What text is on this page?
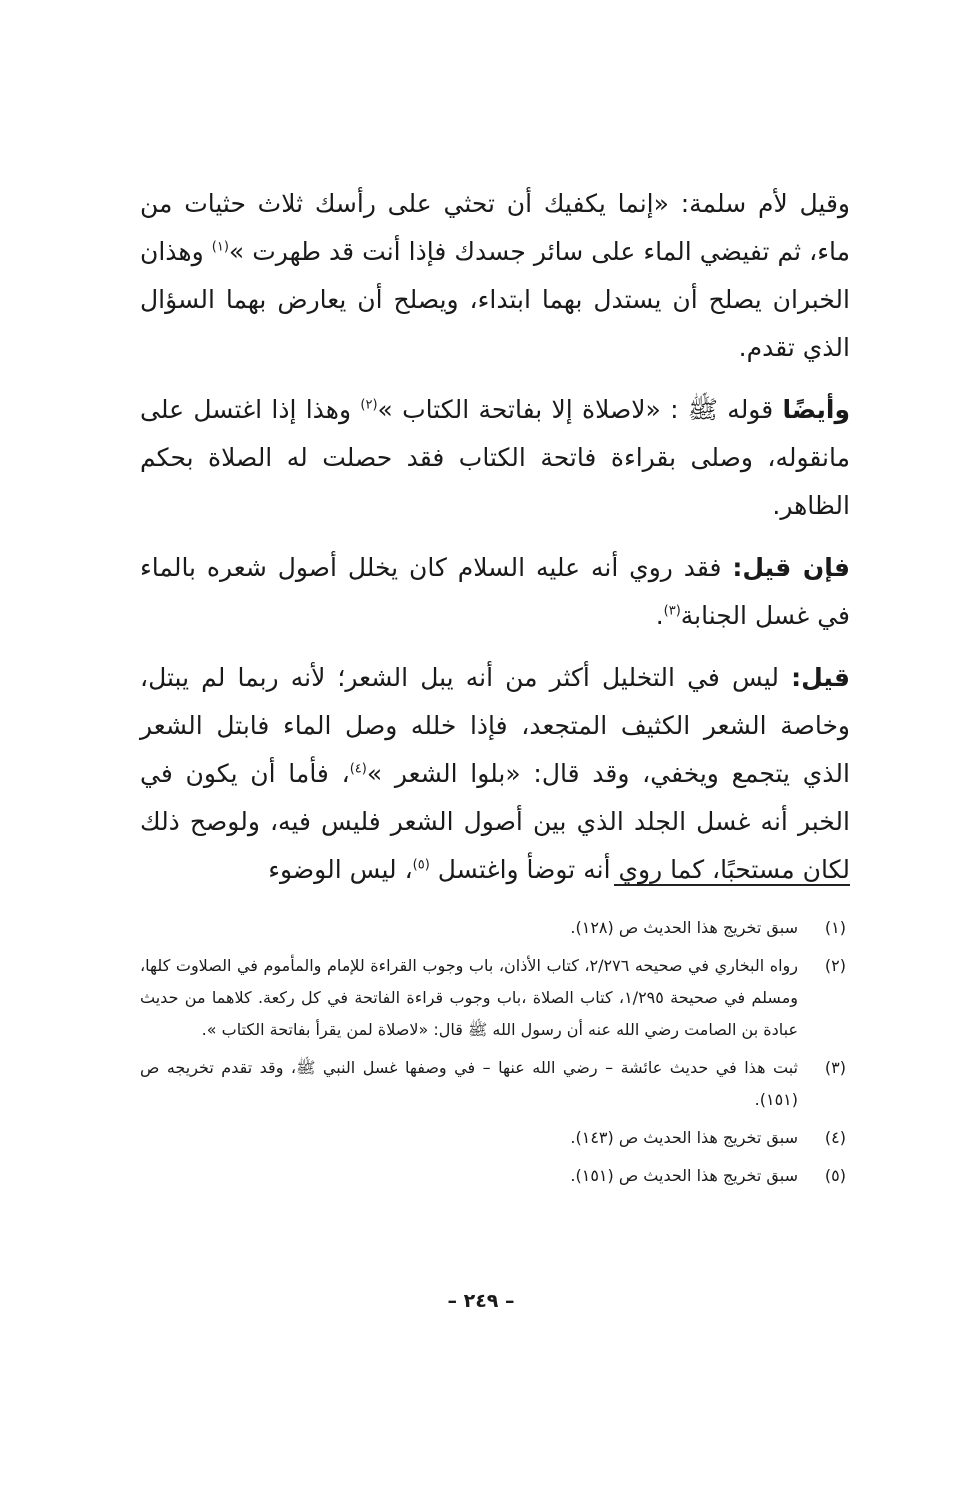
وقيل لأم سلمة: «إنما يكفيك أن تحثي على رأسك ثلاث حثيات من ماء، ثم تفيضي الماء على سائر جسدك فإذا أنت قد طهرت »$^{(١)}$ وهذان الخبران يصلح أن يستدل بهما ابتداء، ويصلح أن يعارض بهما السؤال الذي تقدم.

وأيضًا قوله ﷺ : «لاصلاة إلا بفاتحة الكتاب »$^{(٢)}$ وهذا إذا اغتسل على مانقوله، وصلى بقراءة فاتحة الكتاب فقد حصلت له الصلاة بحكم الظاهر.

فإن قيل: فقد روي أنه عليه السلام كان يخلل أصول شعره بالماء في غسل الجنابة$^{(٣)}$.

قيل: ليس في التخليل أكثر من أنه يبل الشعر؛ لأنه ربما لم يبتل، وخاصة الشعر الكثيف المتجعد، فإذا خلله وصل الماء فابتل الشعر الذي يتجمع ويخفي، وقد قال: «بلوا الشعر »$^{(٤)}$، فأما أن يكون في الخبر أنه غسل الجلد الذي بين أصول الشعر فليس فيه، ولوصح ذلك لكان مستحبًا، كما روي أنه توضأ واغتسل $^{(٥)}$، ليس الوضوء

(١)
سبق تخريج هذا الحديث ص (١٢٨).
(٢)
رواه البخاري في صحيحه ٢/٢٧٦، كتاب الأذان، باب وجوب القراءة للإمام والمأموم في الصلاوت كلها، ومسلم في صحيحة ١/٢٩٥، كتاب الصلاة ،باب وجوب قراءة الفاتحة في كل ركعة. كلاهما من حديث عبادة بن الصامت رضي الله عنه أن رسول الله ﷺ قال: «لاصلاة لمن يقرأ بفاتحة الكتاب ».
(٣)
ثبت هذا في حديث عائشة – رضي الله عنها – في وصفها غسل النبي ﷺ، وقد تقدم تخريجه ص (١٥١).
(٤)
سبق تخريج هذا الحديث ص (١٤٣).
(٥)
سبق تخريج هذا الحديث ص (١٥١).
– ٢٤٩ –
